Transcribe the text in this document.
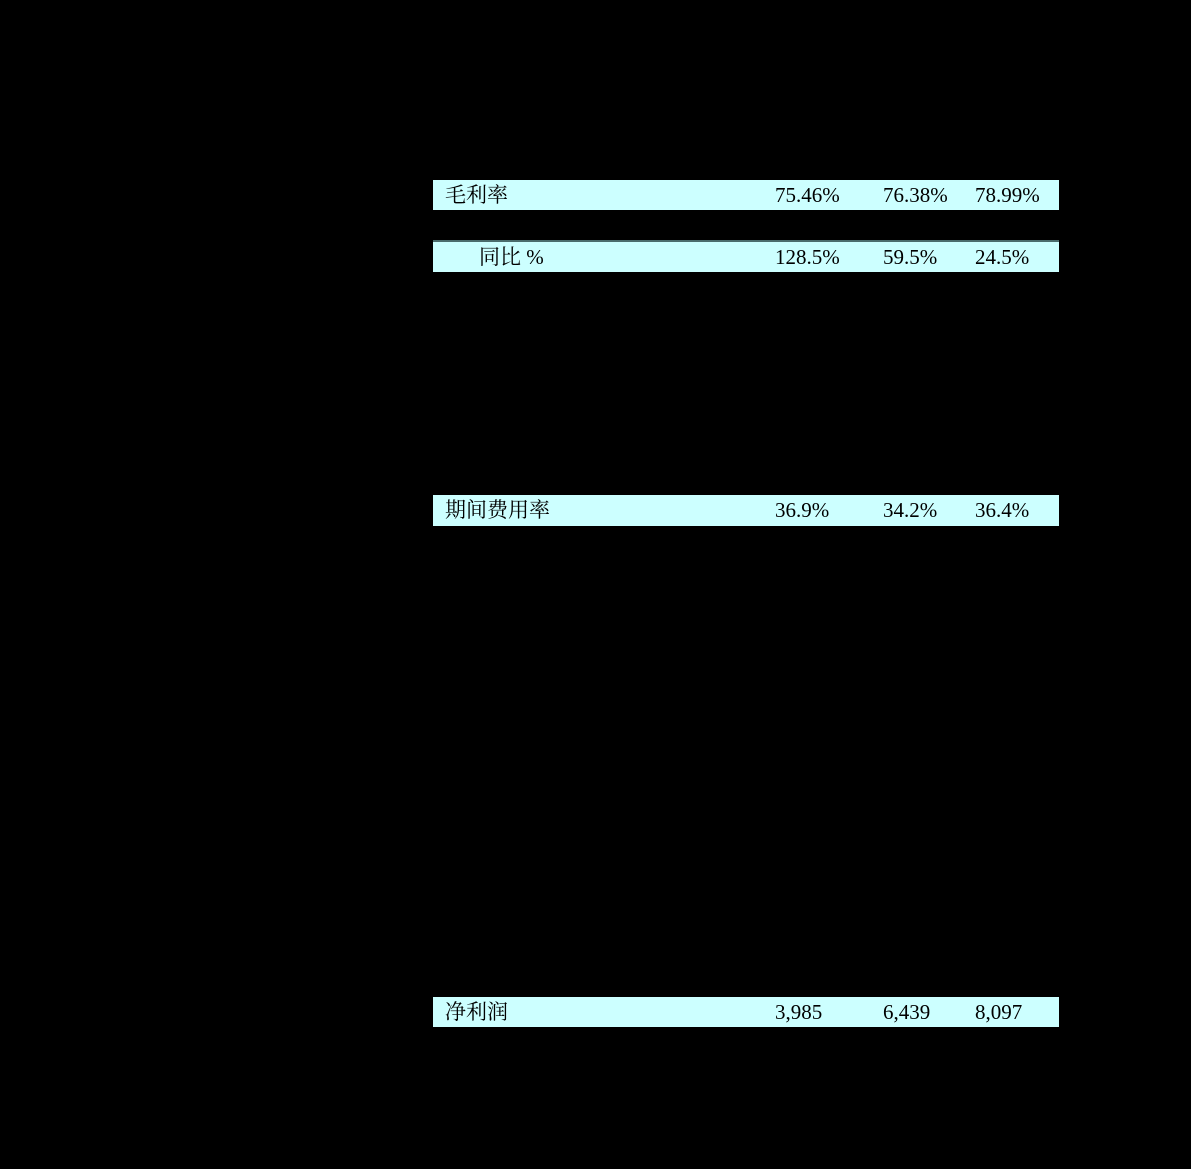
毛利率	75.46% 76.38% 78.99%
同比 %	128.5% 59.5% 24.5%
期间费用率	36.9%	34.2% 36.4%
净利润	3,985	6,439 8,097
